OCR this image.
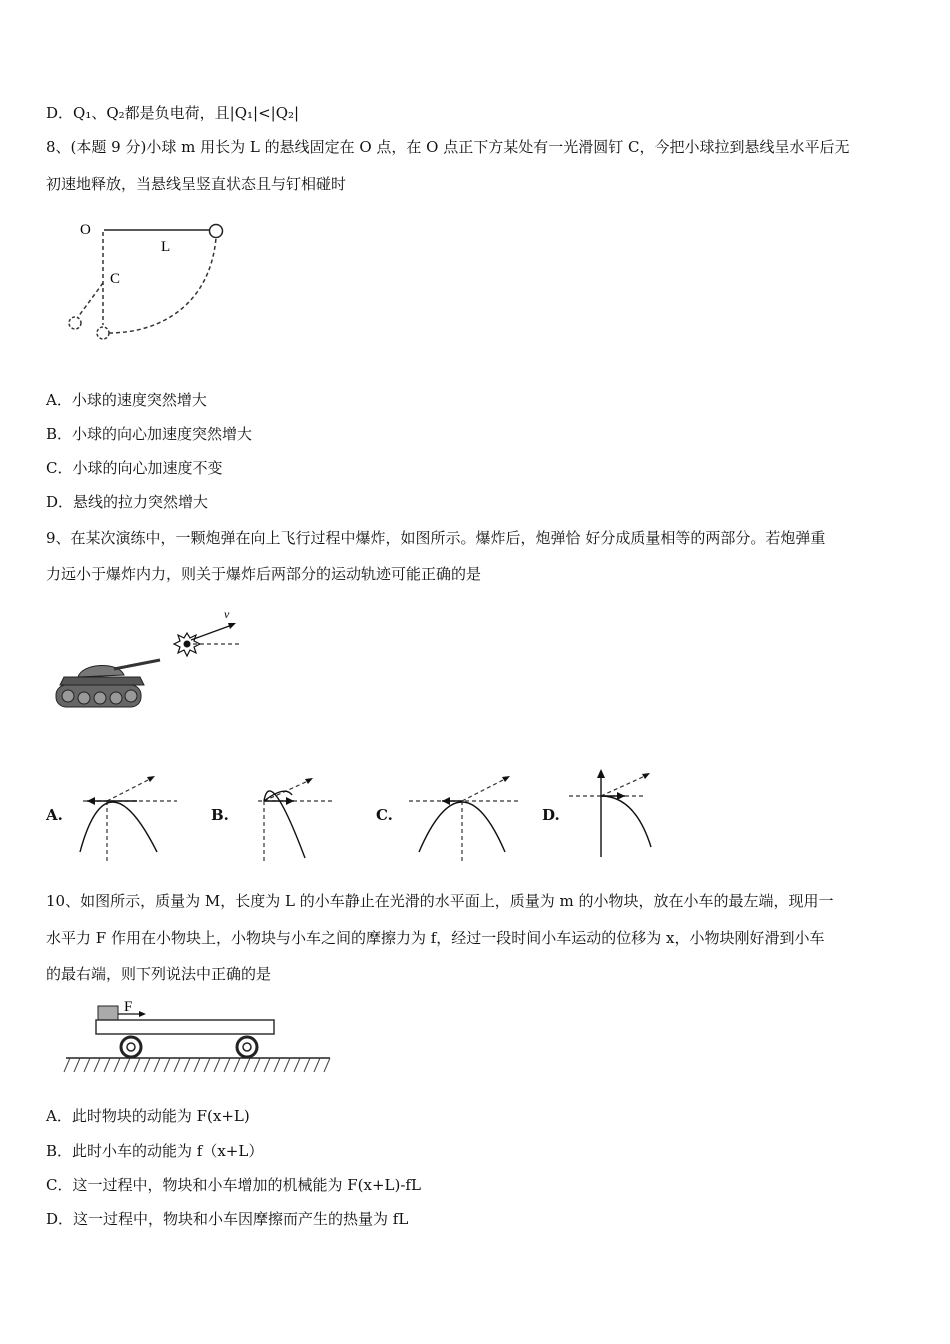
D．Q₁、Q₂都是负电荷，且|Q₁|<|Q₂|
8、(本题 9 分)小球 m 用长为 L 的悬线固定在 O 点，在 O 点正下方某处有一光滑圆钉 C，今把小球拉到悬线呈水平后无
初速地释放，当悬线呈竖直状态且与钉相碰时
O
L
C
A．小球的速度突然增大
B．小球的向心加速度突然增大
C．小球的向心加速度不变
D．悬线的拉力突然增大
9、在某次演练中，一颗炮弹在向上飞行过程中爆炸，如图所示。爆炸后，炮弹恰 好分成质量相等的两部分。若炮弹重
力远小于爆炸内力，则关于爆炸后两部分的运动轨迹可能正确的是
v
A.	B.	C.	D.
10、如图所示，质量为 M，长度为 L 的小车静止在光滑的水平面上，质量为 m 的小物块，放在小车的最左端，现用一
水平力 F 作用在小物块上，小物块与小车之间的摩擦力为 f，经过一段时间小车运动的位移为 x，小物块刚好滑到小车
的最右端，则下列说法中正确的是
F
A．此时物块的动能为 F(x+L)
B．此时小车的动能为 f（x+L）
C．这一过程中，物块和小车增加的机械能为 F(x+L)-fL
D．这一过程中，物块和小车因摩擦而产生的热量为 fL
